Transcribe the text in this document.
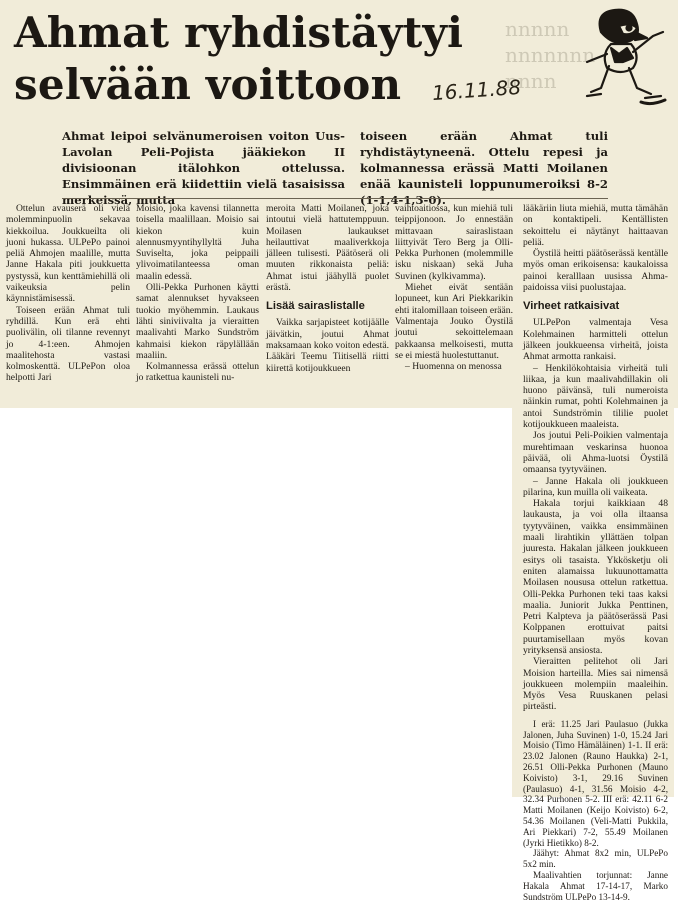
nnnnn
nnnnnnn
nnnn
Ahmat ryhdistäytyi
selvään voittoon 16.11.88

Ahmat leipoi selvänumeroisen voiton Uus-Lavolan Peli-Pojista jääkiekon II divisioonan itälohkon ottelussa. Ensimmäinen erä kiidettiin vielä tasaisissa merkeissä, mutta

toiseen erään Ahmat tuli ryhdistäytyneenä. Ottelu repesi ja kolmannessa erässä Matti Moilanen enää kaunisteli loppunumeroiksi 8-2 (1-1,4-1,3-0).

Ottelun avauserä oli vielä molemminpuolin sekavaa kiekkoilua. Joukkueilta oli juoni hukassa. ULPePo painoi peliä Ahmojen maalille, mutta Janne Hakala piti joukkuetta pystyssä, kun kenttämiehillä oli vaikeuksia pelin käynnistämisessä.

Toiseen erään Ahmat tuli ryhdillä. Kun erä ehti puolivälin, oli tilanne revennyt jo 4-1:een. Ahmojen maalitehosta vastasi kolmoskenttä. ULPePon oloa helpotti Jari

Moisio, joka kavensi tilannetta toisella maalillaan. Moisio sai kiekon kuin alennusmyyntihyllyltä Juha Suviselta, joka peippaili ylivoimatilanteessa oman maalin edessä.

Olli-Pekka Purhonen käytti samat alennukset hyvakseen tuokio myöhemmin. Laukaus lähti siniviivalta ja vieraitten maalivahti Marko Sundström kahmaisi kiekon räpylällään maaliin.

Kolmannessa erässä ottelun jo ratkettua kaunisteli nu-

meroita Matti Moilanen, joka intoutui vielä hattutemppuun. Moilasen laukaukset heilauttivat maaliverkkoja jälleen tulisesti. Päätöserä oli muuten rikkonaista peliä: Ahmat istui jäähyllä puolet erästä.

Lisää sairaslistalle

Vaikka sarjapisteet kotijäälle jäivätkin, joutui Ahmat maksamaan koko voiton edestä. Lääkäri Teemu Tiitisellä riitti kiirettä kotijoukkueen

vaihtoaitiossa, kun miehiä tuli teippijonoon. Jo ennestään mittavaan sairaslistaan liittyivät Tero Berg ja Olli-Pekka Purhonen (molemmille isku niskaan) sekä Juha Suvinen (kylkivamma).

Miehet eivät sentään lopuneet, kun Ari Piekkarikin ehti italomillaan toiseen erään. Valmentaja Jouko Öystilä joutui sekoittelemaan pakkaansa melkoisesti, mutta se ei miestä huolestuttanut.

– Huomenna on menossa

lääkäriin liuta miehiä, mutta tämähän on kontaktipeli. Kentällisten sekoittelu ei näytänyt haittaavan peliä.

Öystilä heitti päätöserässä kentälle myös oman erikoisensa: kaukaloissa painoi keralllaan uusissa Ahma-paidoissa viisi puolustajaa.

Virheet ratkaisivat

ULPePon valmentaja Vesa Kolehmainen harmitteli ottelun jälkeen joukkueensa virheitä, joista Ahmat armotta rankaisi.

– Henkilökohtaisia virheitä tuli liikaa, ja kun maalivahdillakin oli huono päivänsä, tuli numeroista näinkin rumat, pohti Kolehmainen ja antoi Sundströmin tililie puolet kotijoukkueen maaleista.

Jos joutui Peli-Poikien valmentaja murehtimaan veskarinsa huonoa päivää, oli Ahma-luotsi Öystilä omaansa tyytyväinen.

– Janne Hakala oli joukkueen pilarina, kun muilla oli vaikeata.

Hakala torjui kaikkiaan 48 laukausta, ja voi olla iltaansa tyytyväinen, vaikka ensimmäinen maali lirahtikin yllättäen tolpan juuresta. Hakalan jälkeen joukkueen esitys oli tasaista. Ykkösketju oli eniten alamaissa lukuunottamatta Moilasen noususa ottelun ratkettua. Olli-Pekka Purhonen teki taas kaksi maalia. Juniorit Jukka Penttinen, Petri Kalpteva ja päätöserässä Pasi Kolppanen erottuivat paitsi puurtamisellaan myös kovan yrityksensä ansiosta.

Vieraitten pelitehot oli Jari Moision harteilla. Mies sai nimensä joukkueen molempiin maaleihin. Myös Vesa Ruuskanen pelasi pirteästi.

I erä: 11.25 Jari Paulasuo (Jukka Jalonen, Juha Suvinen) 1-0, 15.24 Jari Moisio (Timo Hämäläinen) 1-1. II erä: 23.02 Jalonen (Rauno Haukka) 2-1, 26.51 Olli-Pekka Purhonen (Mauno Koivisto) 3-1, 29.16 Suvinen (Paulasuo) 4-1, 31.56 Moisio 4-2, 32.34 Purhonen 5-2. III erä: 42.11 6-2 Matti Moilanen (Keijo Koivisto) 6-2, 54.36 Moilanen (Veli-Matti Pukkila, Ari Piekkari) 7-2, 55.49 Moilanen (Jyrki Hietikko) 8-2.

Jäähyt: Ahmat 8x2 min, ULPePo 5x2 min.

Maalivahtien torjunnat: Janne Hakala Ahmat 17-14-17, Marko Sundström ULPePo 13-14-9.
